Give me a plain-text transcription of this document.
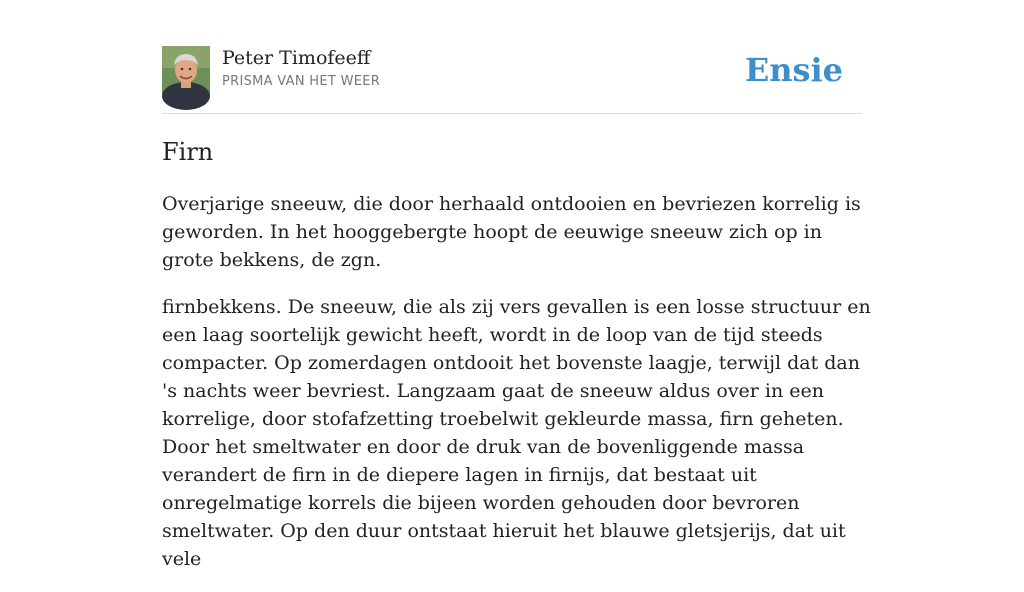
Peter Timofeeff
PRISMA VAN HET WEER	Ensie
Firn

Overjarige sneeuw, die door herhaald ontdooien en bevriezen korrelig is geworden. In het hooggebergte hoopt de eeuwige sneeuw zich op in grote bekkens, de zgn.

firnbekkens. De sneeuw, die als zij vers gevallen is een losse structuur en een laag soortelijk gewicht heeft, wordt in de loop van de tijd steeds compacter. Op zomerdagen ontdooit het bovenste laagje, terwijl dat dan 's nachts weer bevriest. Langzaam gaat de sneeuw aldus over in een korrelige, door stofafzetting troebelwit gekleurde massa, firn geheten. Door het smeltwater en door de druk van de bovenliggende massa verandert de firn in de diepere lagen in firnijs, dat bestaat uit onregelmatige korrels die bijeen worden gehouden door bevroren smeltwater. Op den duur ontstaat hieruit het blauwe gletsjerijs, dat uit vele
